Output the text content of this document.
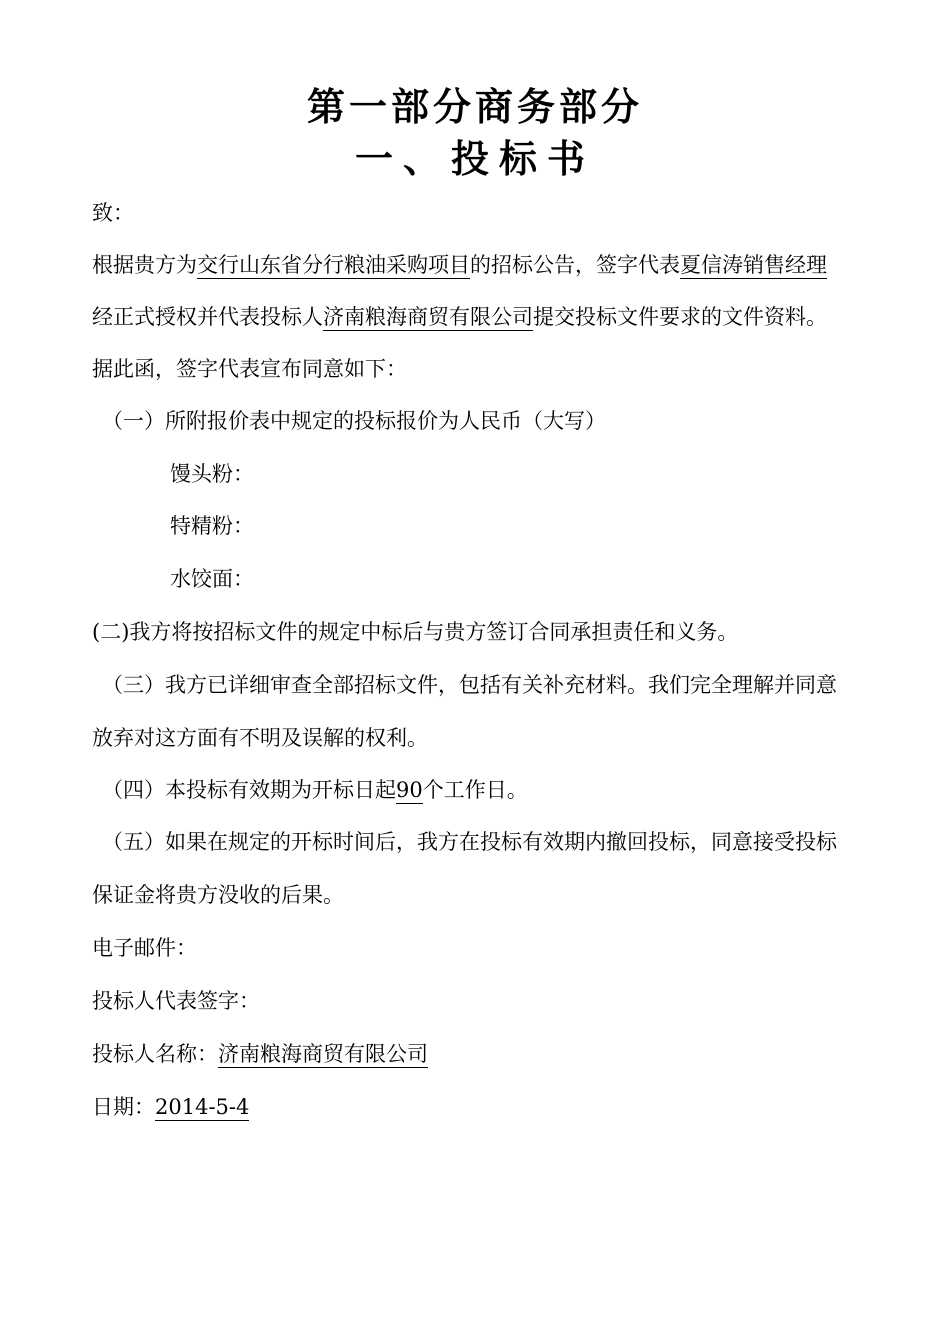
第一部分商务部分
一、投标书
致：
根据贵方为交行山东省分行粮油采购项目的招标公告，签字代表夏信涛销售经理
经正式授权并代表投标人济南粮海商贸有限公司提交投标文件要求的文件资料。
据此函，签字代表宣布同意如下：
（一）所附报价表中规定的投标报价为人民币（大写）
馒头粉：
特精粉：
水饺面：
(二)我方将按招标文件的规定中标后与贵方签订合同承担责任和义务。
（三）我方已详细审查全部招标文件，包括有关补充材料。我们完全理解并同意
放弃对这方面有不明及误解的权利。
（四）本投标有效期为开标日起90个工作日。
（五）如果在规定的开标时间后，我方在投标有效期内撤回投标，同意接受投标
保证金将贵方没收的后果。
电子邮件：
投标人代表签字：
投标人名称：济南粮海商贸有限公司
日期：2014-5-4
